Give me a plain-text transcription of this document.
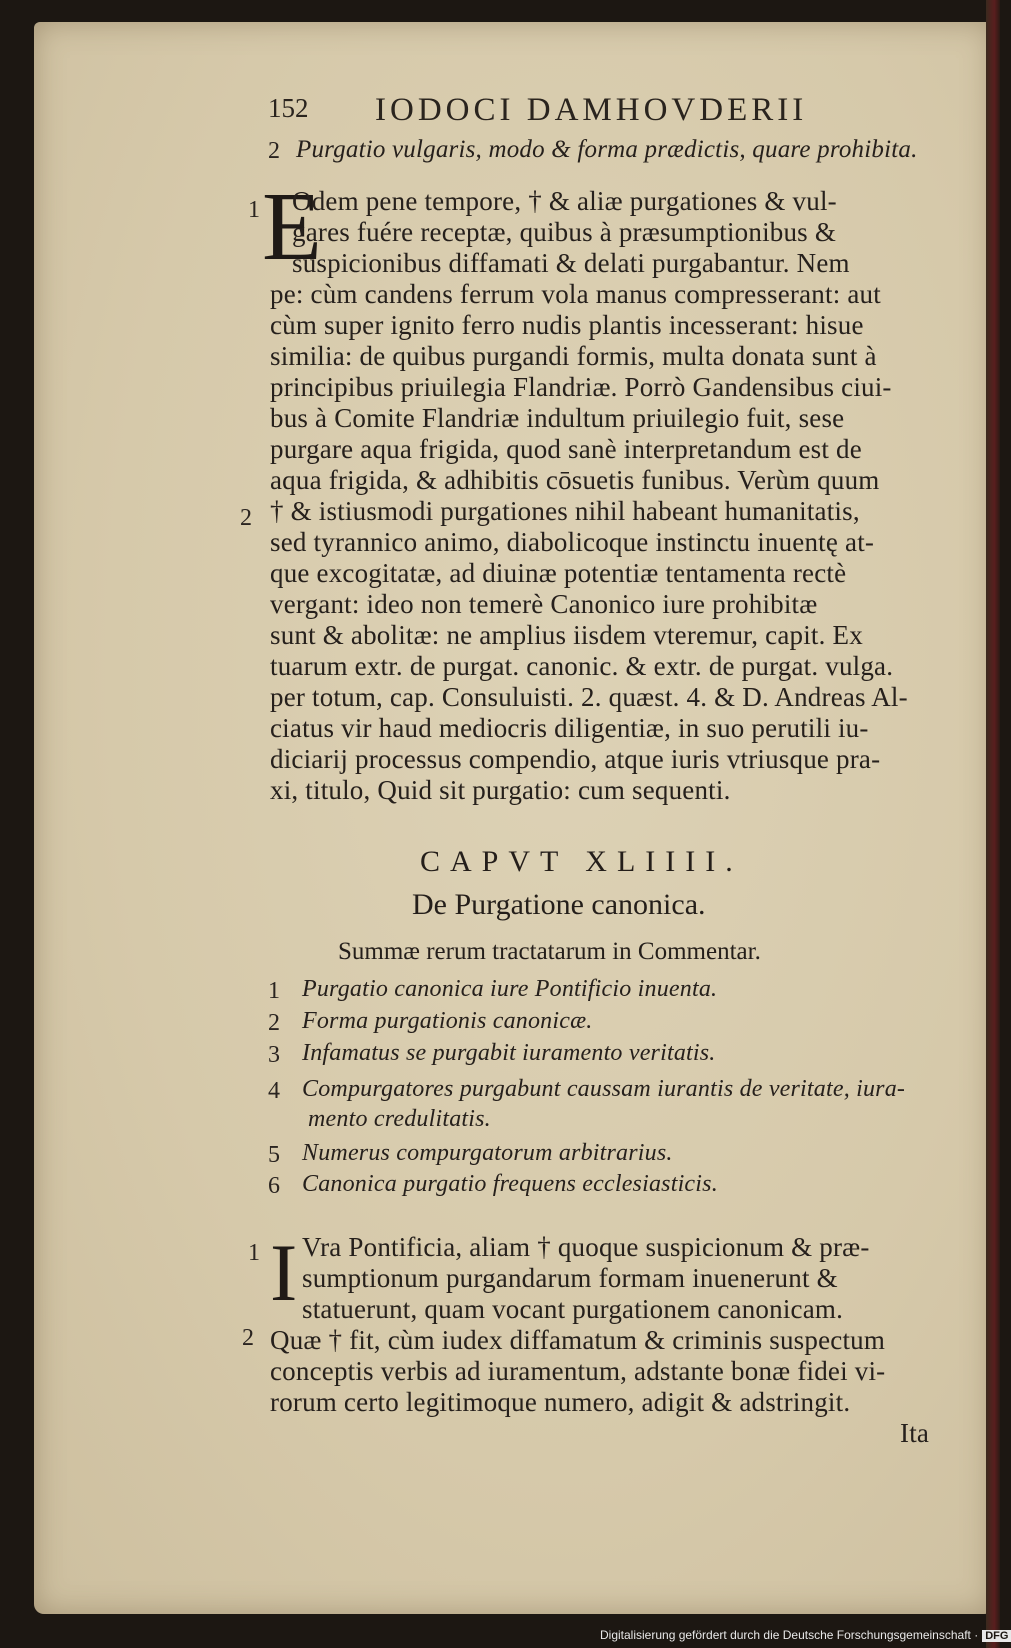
152 IODOCI DAMHOVDERII
2 Purgatio vulgaris, modo & forma prædictis, quare prohibita.
1
2
E
Odem pene tempore, † & aliæ purgationes & vul-
gares fuére receptæ, quibus à præsumptionibus &
suspicionibus diffamati & delati purgabantur. Nem
pe: cùm candens ferrum vola manus compresserant: aut
cùm super ignito ferro nudis plantis incesserant: hisue
similia: de quibus purgandi formis, multa donata sunt à
principibus priuilegia Flandriæ. Porrò Gandensibus ciui-
bus à Comite Flandriæ indultum priuilegio fuit, sese
purgare aqua frigida, quod sanè interpretandum est de
aqua frigida, & adhibitis cōsuetis funibus. Verùm quum
† & istiusmodi purgationes nihil habeant humanitatis,
sed tyrannico animo, diabolicoque instinctu inuentę at-
que excogitatæ, ad diuinæ potentiæ tentamenta rectè
vergant: ideo non temerè Canonico iure prohibitæ
sunt & abolitæ: ne amplius iisdem vteremur, capit. Ex
tuarum extr. de purgat. canonic. & extr. de purgat. vulga.
per totum, cap. Consuluisti. 2. quæst. 4. & D. Andreas Al-
ciatus vir haud mediocris diligentiæ, in suo perutili iu-
diciarij processus compendio, atque iuris vtriusque pra-
xi, titulo, Quid sit purgatio: cum sequenti.
CAPVT XLIIII.
De Purgatione canonica.
Summæ rerum tractatarum in Commentar.
1 Purgatio canonica iure Pontificio inuenta.
2 Forma purgationis canonicæ.
3 Infamatus se purgabit iuramento veritatis.
4 Compurgatores purgabunt caussam iurantis de veritate, iura-
mento credulitatis.
5 Numerus compurgatorum arbitrarius.
6 Canonica purgatio frequens ecclesiasticis.
1
2
I Vra Pontificia, aliam † quoque suspicionum & præ-
sumptionum purgandarum formam inuenerunt &
statuerunt, quam vocant purgationem canonicam.
Quæ † fit, cùm iudex diffamatum & criminis suspectum
conceptis verbis ad iuramentum, adstante bonæ fidei vi-
rorum certo legitimoque numero, adigit & adstringit.
Ita
Digitalisierung gefördert durch die Deutsche Forschungsgemeinschaft · DFG
